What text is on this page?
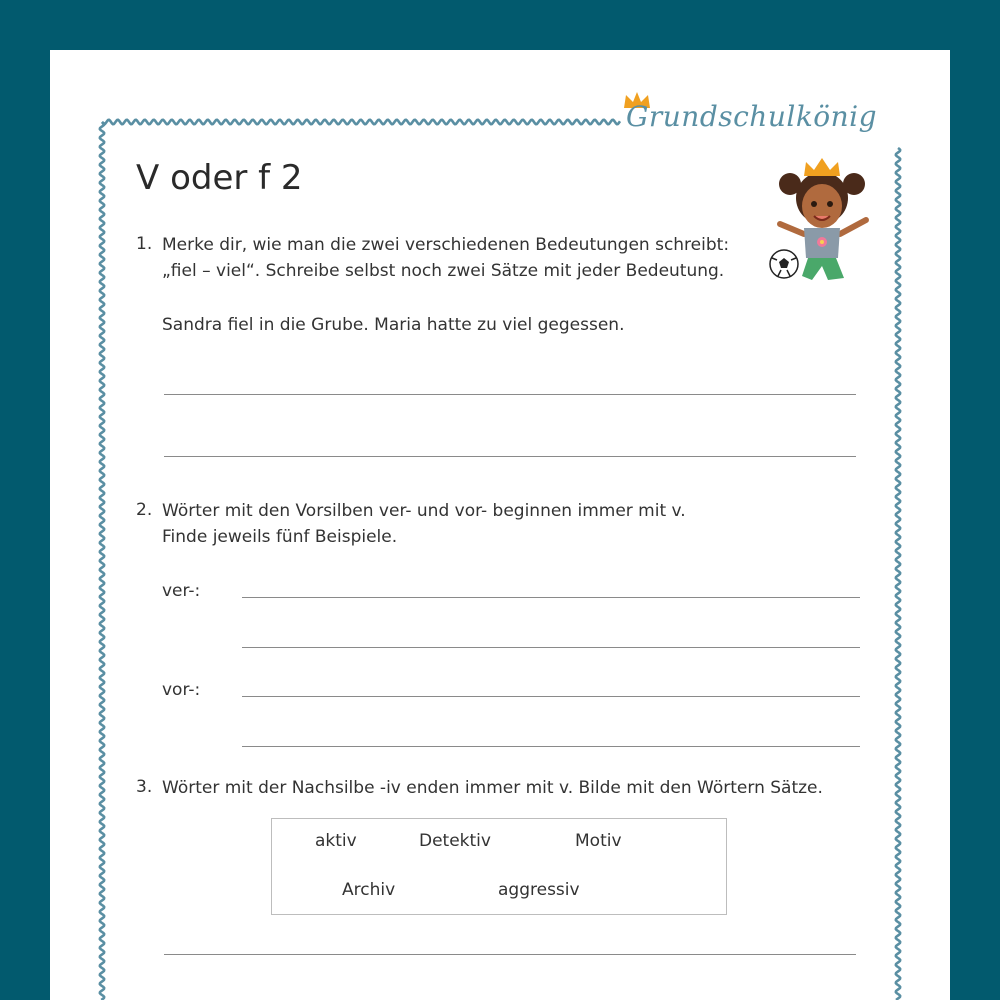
Grundschulkönig
V oder f 2
1. Merke dir, wie man die zwei verschiedenen Bedeutungen schreibt:
„fiel – viel“. Schreibe selbst noch zwei Sätze mit jeder Bedeutung.
Sandra fiel in die Grube. Maria hatte zu viel gegessen.
2. Wörter mit den Vorsilben ver- und vor- beginnen immer mit v.
Finde jeweils fünf Beispiele.
ver-:
vor-:
3. Wörter mit der Nachsilbe -iv enden immer mit v. Bilde mit den Wörtern Sätze.
aktiv	Detektiv	Motiv
Archiv	aggressiv
